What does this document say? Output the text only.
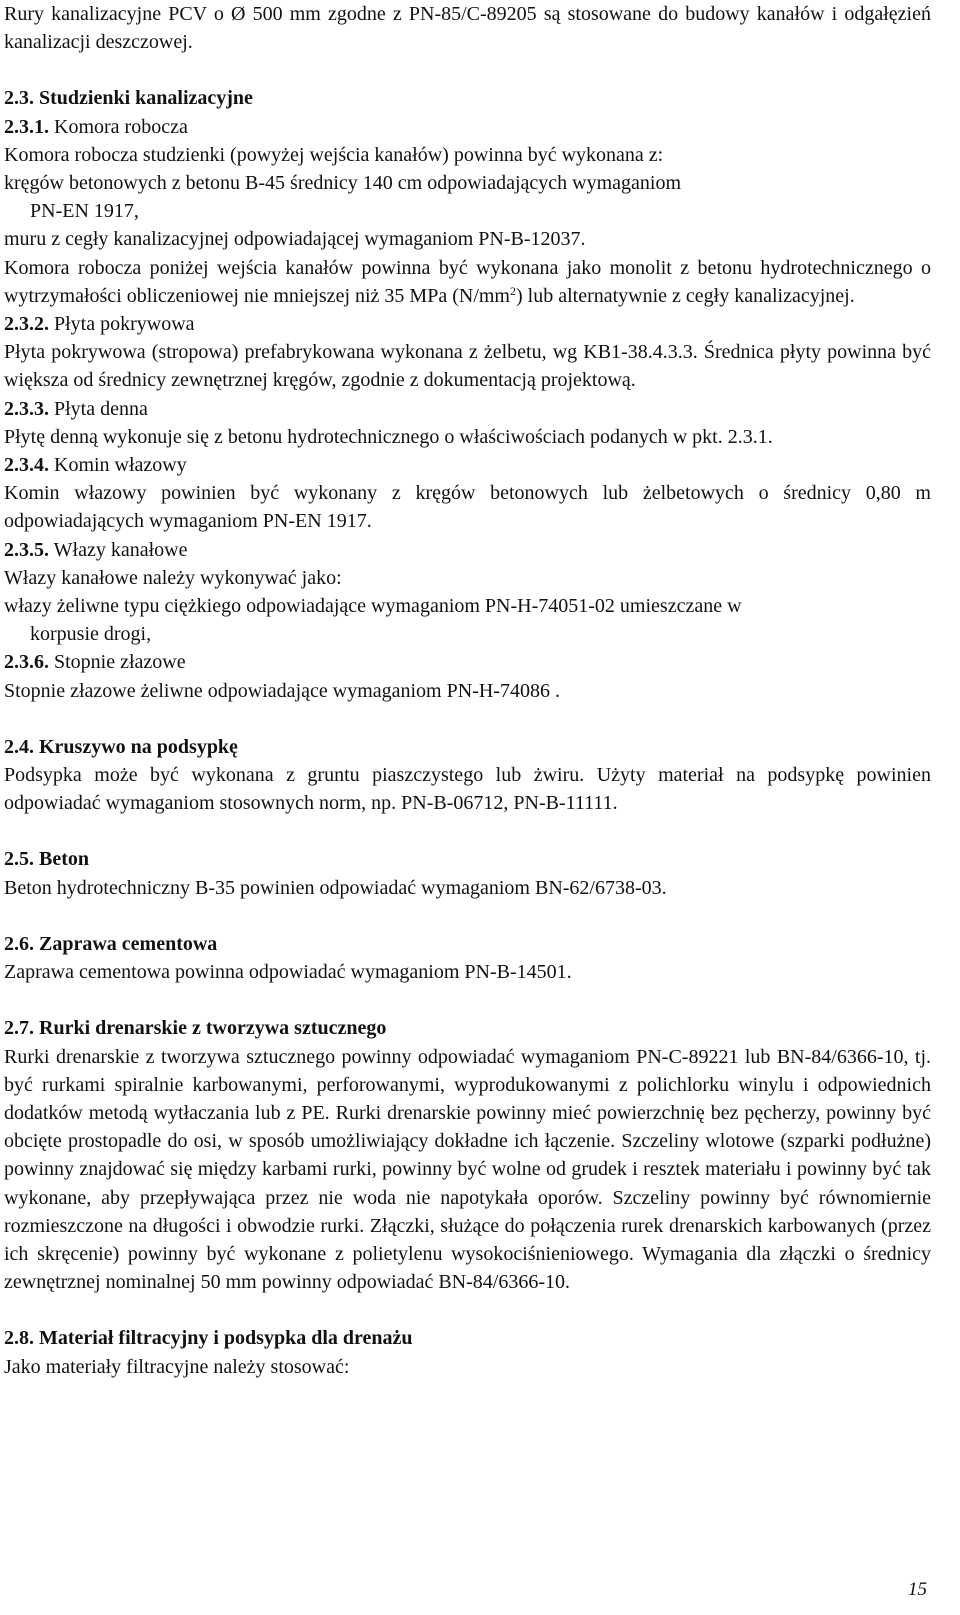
Rury kanalizacyjne PCV o Ø 500 mm zgodne z PN-85/C-89205 są stosowane do budowy kanałów i odgałęzień kanalizacji deszczowej.

2.3. Studzienki kanalizacyjne

2.3.1. Komora robocza

Komora robocza studzienki (powyżej wejścia kanałów) powinna być wykonana z:

kręgów betonowych z betonu B-45 średnicy 140 cm odpowiadających wymaganiom

PN-EN 1917,

muru z cegły kanalizacyjnej odpowiadającej wymaganiom PN-B-12037.

Komora robocza poniżej wejścia kanałów powinna być wykonana jako monolit z betonu hydrotechnicznego o wytrzymałości obliczeniowej nie mniejszej niż 35 MPa $(N/mm^2)$ lub alternatywnie z cegły kanalizacyjnej.

2.3.2. Płyta pokrywowa

Płyta pokrywowa (stropowa) prefabrykowana wykonana z żelbetu, wg KB1-38.4.3.3. Średnica płyty powinna być większa od średnicy zewnętrznej kręgów, zgodnie z dokumentacją projektową.

2.3.3. Płyta denna

Płytę denną wykonuje się z betonu hydrotechnicznego o właściwościach podanych w pkt. 2.3.1.

2.3.4. Komin włazowy

Komin włazowy powinien być wykonany z kręgów betonowych lub żelbetowych o średnicy 0,80 m odpowiadających wymaganiom PN-EN 1917.

2.3.5. Włazy kanałowe

Włazy kanałowe należy wykonywać jako:

włazy żeliwne typu ciężkiego odpowiadające wymaganiom PN-H-74051-02 umieszczane w

korpusie drogi,

2.3.6. Stopnie złazowe

Stopnie złazowe żeliwne odpowiadające wymaganiom PN-H-74086 .

2.4. Kruszywo na podsypkę

Podsypka może być wykonana z gruntu piaszczystego lub żwiru. Użyty materiał na podsypkę powinien odpowiadać wymaganiom stosownych norm, np. PN-B-06712, PN-B-11111.

2.5. Beton

Beton hydrotechniczny B-35 powinien odpowiadać wymaganiom BN-62/6738-03.

2.6. Zaprawa cementowa

Zaprawa cementowa powinna odpowiadać wymaganiom PN-B-14501.

2.7. Rurki drenarskie z tworzywa sztucznego

Rurki drenarskie z tworzywa sztucznego powinny odpowiadać wymaganiom PN-C-89221 lub BN-84/6366-10, tj. być rurkami spiralnie karbowanymi, perforowanymi, wyprodukowanymi z polichlorku winylu i odpowiednich dodatków metodą wytłaczania lub z PE. Rurki drenarskie powinny mieć powierzchnię bez pęcherzy, powinny być obcięte prostopadle do osi, w sposób umożliwiający dokładne ich łączenie. Szczeliny wlotowe (szparki podłużne) powinny znajdować się między karbami rurki, powinny być wolne od grudek i resztek materiału i powinny być tak wykonane, aby przepływająca przez nie woda nie napotykała oporów. Szczeliny powinny być równomiernie rozmieszczone na długości i obwodzie rurki. Złączki, służące do połączenia rurek drenarskich karbowanych (przez ich skręcenie) powinny być wykonane z polietylenu wysokociśnieniowego. Wymagania dla złączki o średnicy zewnętrznej nominalnej 50 mm powinny odpowiadać BN-84/6366-10.

2.8. Materiał filtracyjny i podsypka dla drenażu

Jako materiały filtracyjne należy stosować:

15
